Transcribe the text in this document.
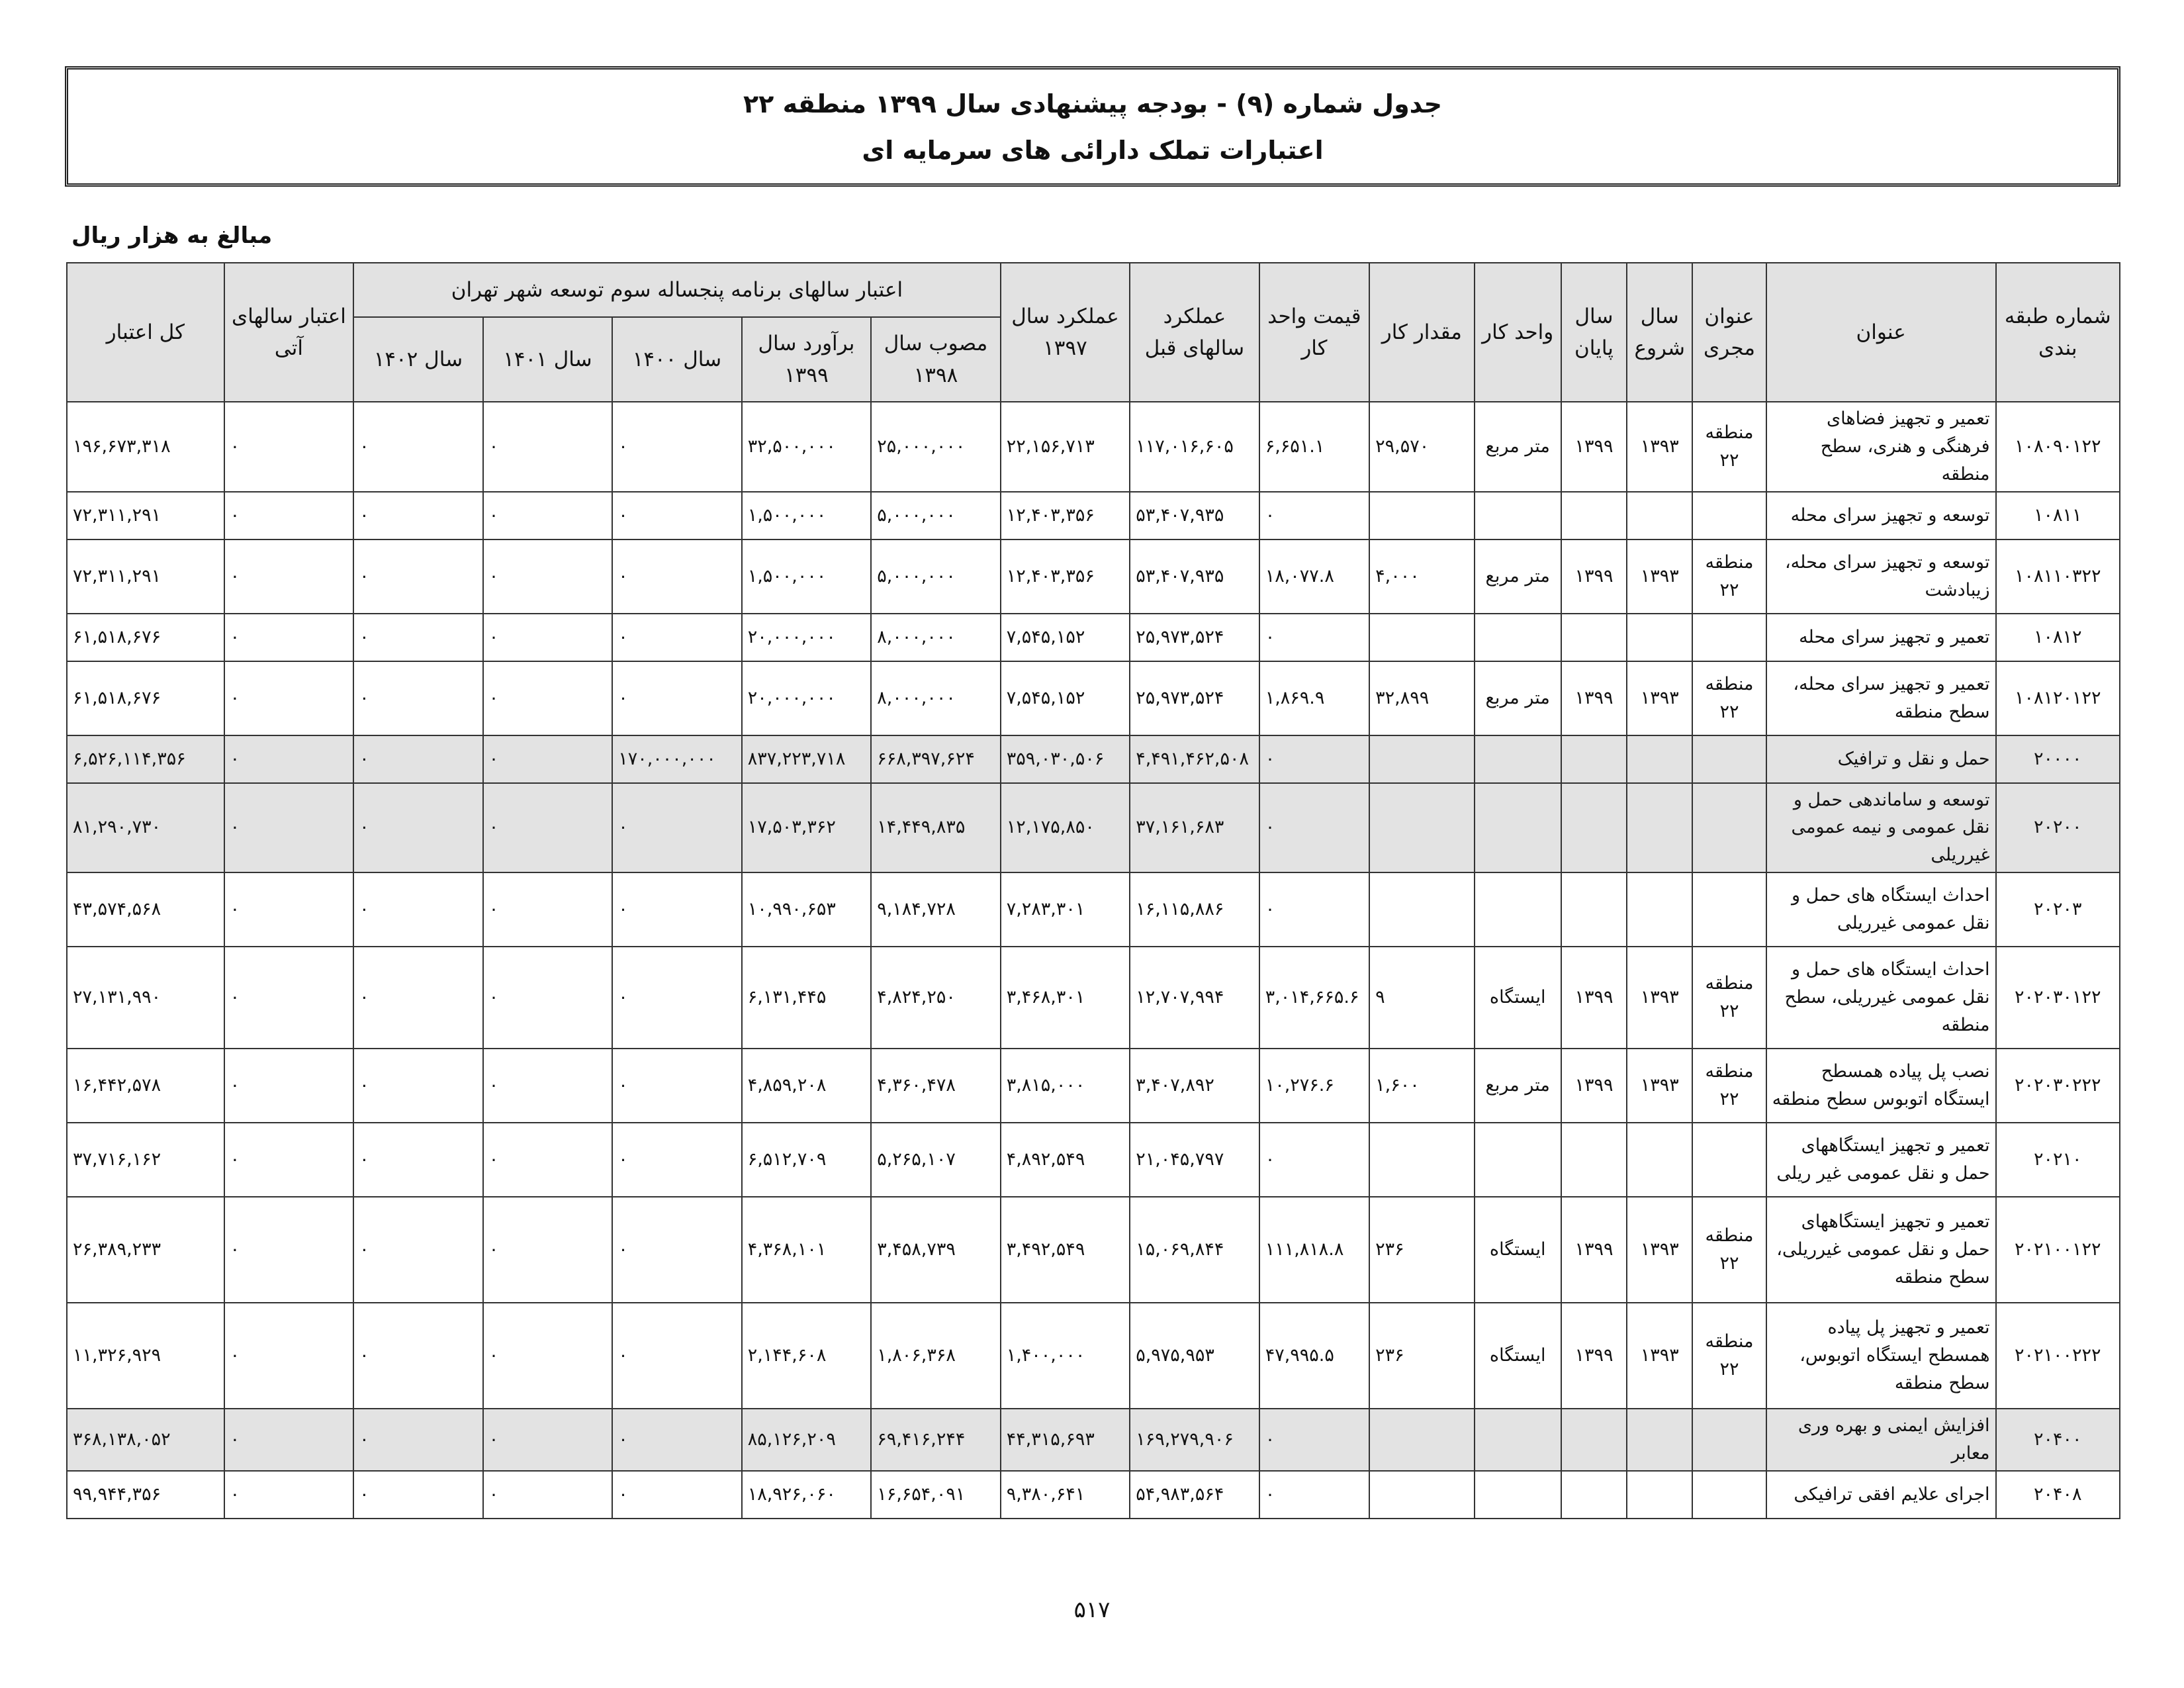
جدول شماره (۹) - بودجه پیشنهادی سال ۱۳۹۹ منطقه ۲۲
اعتبارات تملک دارائی های سرمایه ای
مبالغ به هزار ریال
شماره طبقه بندی	عنوان	عنوان مجری	سال شروع	سال پایان	واحد کار	مقدار کار	قیمت واحد کار	عملکرد سالهای قبل	عملکرد سال ۱۳۹۷	اعتبار سالهای برنامه پنجساله سوم توسعه شهر تهران					اعتبار سالهای آتی	کل اعتبار
										مصوب سال ۱۳۹۸	برآورد سال ۱۳۹۹	سال ۱۴۰۰	سال ۱۴۰۱	سال ۱۴۰۲		
۱۰۸۰۹۰۱۲۲	تعمیر و تجهیز فضاهای فرهنگی و هنری، سطح منطقه	منطقه ۲۲	۱۳۹۳	۱۳۹۹	متر مربع	۲۹,۵۷۰	۶,۶۵۱.۱	۱۱۷,۰۱۶,۶۰۵	۲۲,۱۵۶,۷۱۳	۲۵,۰۰۰,۰۰۰	۳۲,۵۰۰,۰۰۰	۰	۰	۰	۰	۱۹۶,۶۷۳,۳۱۸
۱۰۸۱۱	توسعه و تجهیز سرای محله						۰	۵۳,۴۰۷,۹۳۵	۱۲,۴۰۳,۳۵۶	۵,۰۰۰,۰۰۰	۱,۵۰۰,۰۰۰	۰	۰	۰	۰	۷۲,۳۱۱,۲۹۱
۱۰۸۱۱۰۳۲۲	توسعه و تجهیز سرای محله، زیبادشت	منطقه ۲۲	۱۳۹۳	۱۳۹۹	متر مربع	۴,۰۰۰	۱۸,۰۷۷.۸	۵۳,۴۰۷,۹۳۵	۱۲,۴۰۳,۳۵۶	۵,۰۰۰,۰۰۰	۱,۵۰۰,۰۰۰	۰	۰	۰	۰	۷۲,۳۱۱,۲۹۱
۱۰۸۱۲	تعمیر و تجهیز سرای محله						۰	۲۵,۹۷۳,۵۲۴	۷,۵۴۵,۱۵۲	۸,۰۰۰,۰۰۰	۲۰,۰۰۰,۰۰۰	۰	۰	۰	۰	۶۱,۵۱۸,۶۷۶
۱۰۸۱۲۰۱۲۲	تعمیر و تجهیز سرای محله، سطح منطقه	منطقه ۲۲	۱۳۹۳	۱۳۹۹	متر مربع	۳۲,۸۹۹	۱,۸۶۹.۹	۲۵,۹۷۳,۵۲۴	۷,۵۴۵,۱۵۲	۸,۰۰۰,۰۰۰	۲۰,۰۰۰,۰۰۰	۰	۰	۰	۰	۶۱,۵۱۸,۶۷۶
۲۰۰۰۰	حمل و نقل و ترافیک						۰	۴,۴۹۱,۴۶۲,۵۰۸	۳۵۹,۰۳۰,۵۰۶	۶۶۸,۳۹۷,۶۲۴	۸۳۷,۲۲۳,۷۱۸	۱۷۰,۰۰۰,۰۰۰	۰	۰	۰	۶,۵۲۶,۱۱۴,۳۵۶
۲۰۲۰۰	توسعه و ساماندهی حمل و نقل عمومی و نیمه عمومی غیرریلی						۰	۳۷,۱۶۱,۶۸۳	۱۲,۱۷۵,۸۵۰	۱۴,۴۴۹,۸۳۵	۱۷,۵۰۳,۳۶۲	۰	۰	۰	۰	۸۱,۲۹۰,۷۳۰
۲۰۲۰۳	احداث ایستگاه های حمل و نقل عمومی غیرریلی						۰	۱۶,۱۱۵,۸۸۶	۷,۲۸۳,۳۰۱	۹,۱۸۴,۷۲۸	۱۰,۹۹۰,۶۵۳	۰	۰	۰	۰	۴۳,۵۷۴,۵۶۸
۲۰۲۰۳۰۱۲۲	احداث ایستگاه های حمل و نقل عمومی غیرریلی، سطح منطقه	منطقه ۲۲	۱۳۹۳	۱۳۹۹	ایستگاه	۹	۳,۰۱۴,۶۶۵.۶	۱۲,۷۰۷,۹۹۴	۳,۴۶۸,۳۰۱	۴,۸۲۴,۲۵۰	۶,۱۳۱,۴۴۵	۰	۰	۰	۰	۲۷,۱۳۱,۹۹۰
۲۰۲۰۳۰۲۲۲	نصب پل پیاده همسطح ایستگاه اتوبوس سطح منطقه	منطقه ۲۲	۱۳۹۳	۱۳۹۹	متر مربع	۱,۶۰۰	۱۰,۲۷۶.۶	۳,۴۰۷,۸۹۲	۳,۸۱۵,۰۰۰	۴,۳۶۰,۴۷۸	۴,۸۵۹,۲۰۸	۰	۰	۰	۰	۱۶,۴۴۲,۵۷۸
۲۰۲۱۰	تعمیر و تجهیز ایستگاههای حمل و نقل عمومی غیر ریلی						۰	۲۱,۰۴۵,۷۹۷	۴,۸۹۲,۵۴۹	۵,۲۶۵,۱۰۷	۶,۵۱۲,۷۰۹	۰	۰	۰	۰	۳۷,۷۱۶,۱۶۲
۲۰۲۱۰۰۱۲۲	تعمیر و تجهیز ایستگاههای حمل و نقل عمومی غیرریلی، سطح منطقه	منطقه ۲۲	۱۳۹۳	۱۳۹۹	ایستگاه	۲۳۶	۱۱۱,۸۱۸.۸	۱۵,۰۶۹,۸۴۴	۳,۴۹۲,۵۴۹	۳,۴۵۸,۷۳۹	۴,۳۶۸,۱۰۱	۰	۰	۰	۰	۲۶,۳۸۹,۲۳۳
۲۰۲۱۰۰۲۲۲	تعمیر و تجهیز پل پیاده همسطح ایستگاه اتوبوس، سطح منطقه	منطقه ۲۲	۱۳۹۳	۱۳۹۹	ایستگاه	۲۳۶	۴۷,۹۹۵.۵	۵,۹۷۵,۹۵۳	۱,۴۰۰,۰۰۰	۱,۸۰۶,۳۶۸	۲,۱۴۴,۶۰۸	۰	۰	۰	۰	۱۱,۳۲۶,۹۲۹
۲۰۴۰۰	افزایش ایمنی و بهره وری معابر						۰	۱۶۹,۲۷۹,۹۰۶	۴۴,۳۱۵,۶۹۳	۶۹,۴۱۶,۲۴۴	۸۵,۱۲۶,۲۰۹	۰	۰	۰	۰	۳۶۸,۱۳۸,۰۵۲
۲۰۴۰۸	اجرای علایم افقی ترافیکی						۰	۵۴,۹۸۳,۵۶۴	۹,۳۸۰,۶۴۱	۱۶,۶۵۴,۰۹۱	۱۸,۹۲۶,۰۶۰	۰	۰	۰	۰	۹۹,۹۴۴,۳۵۶
۵۱۷
